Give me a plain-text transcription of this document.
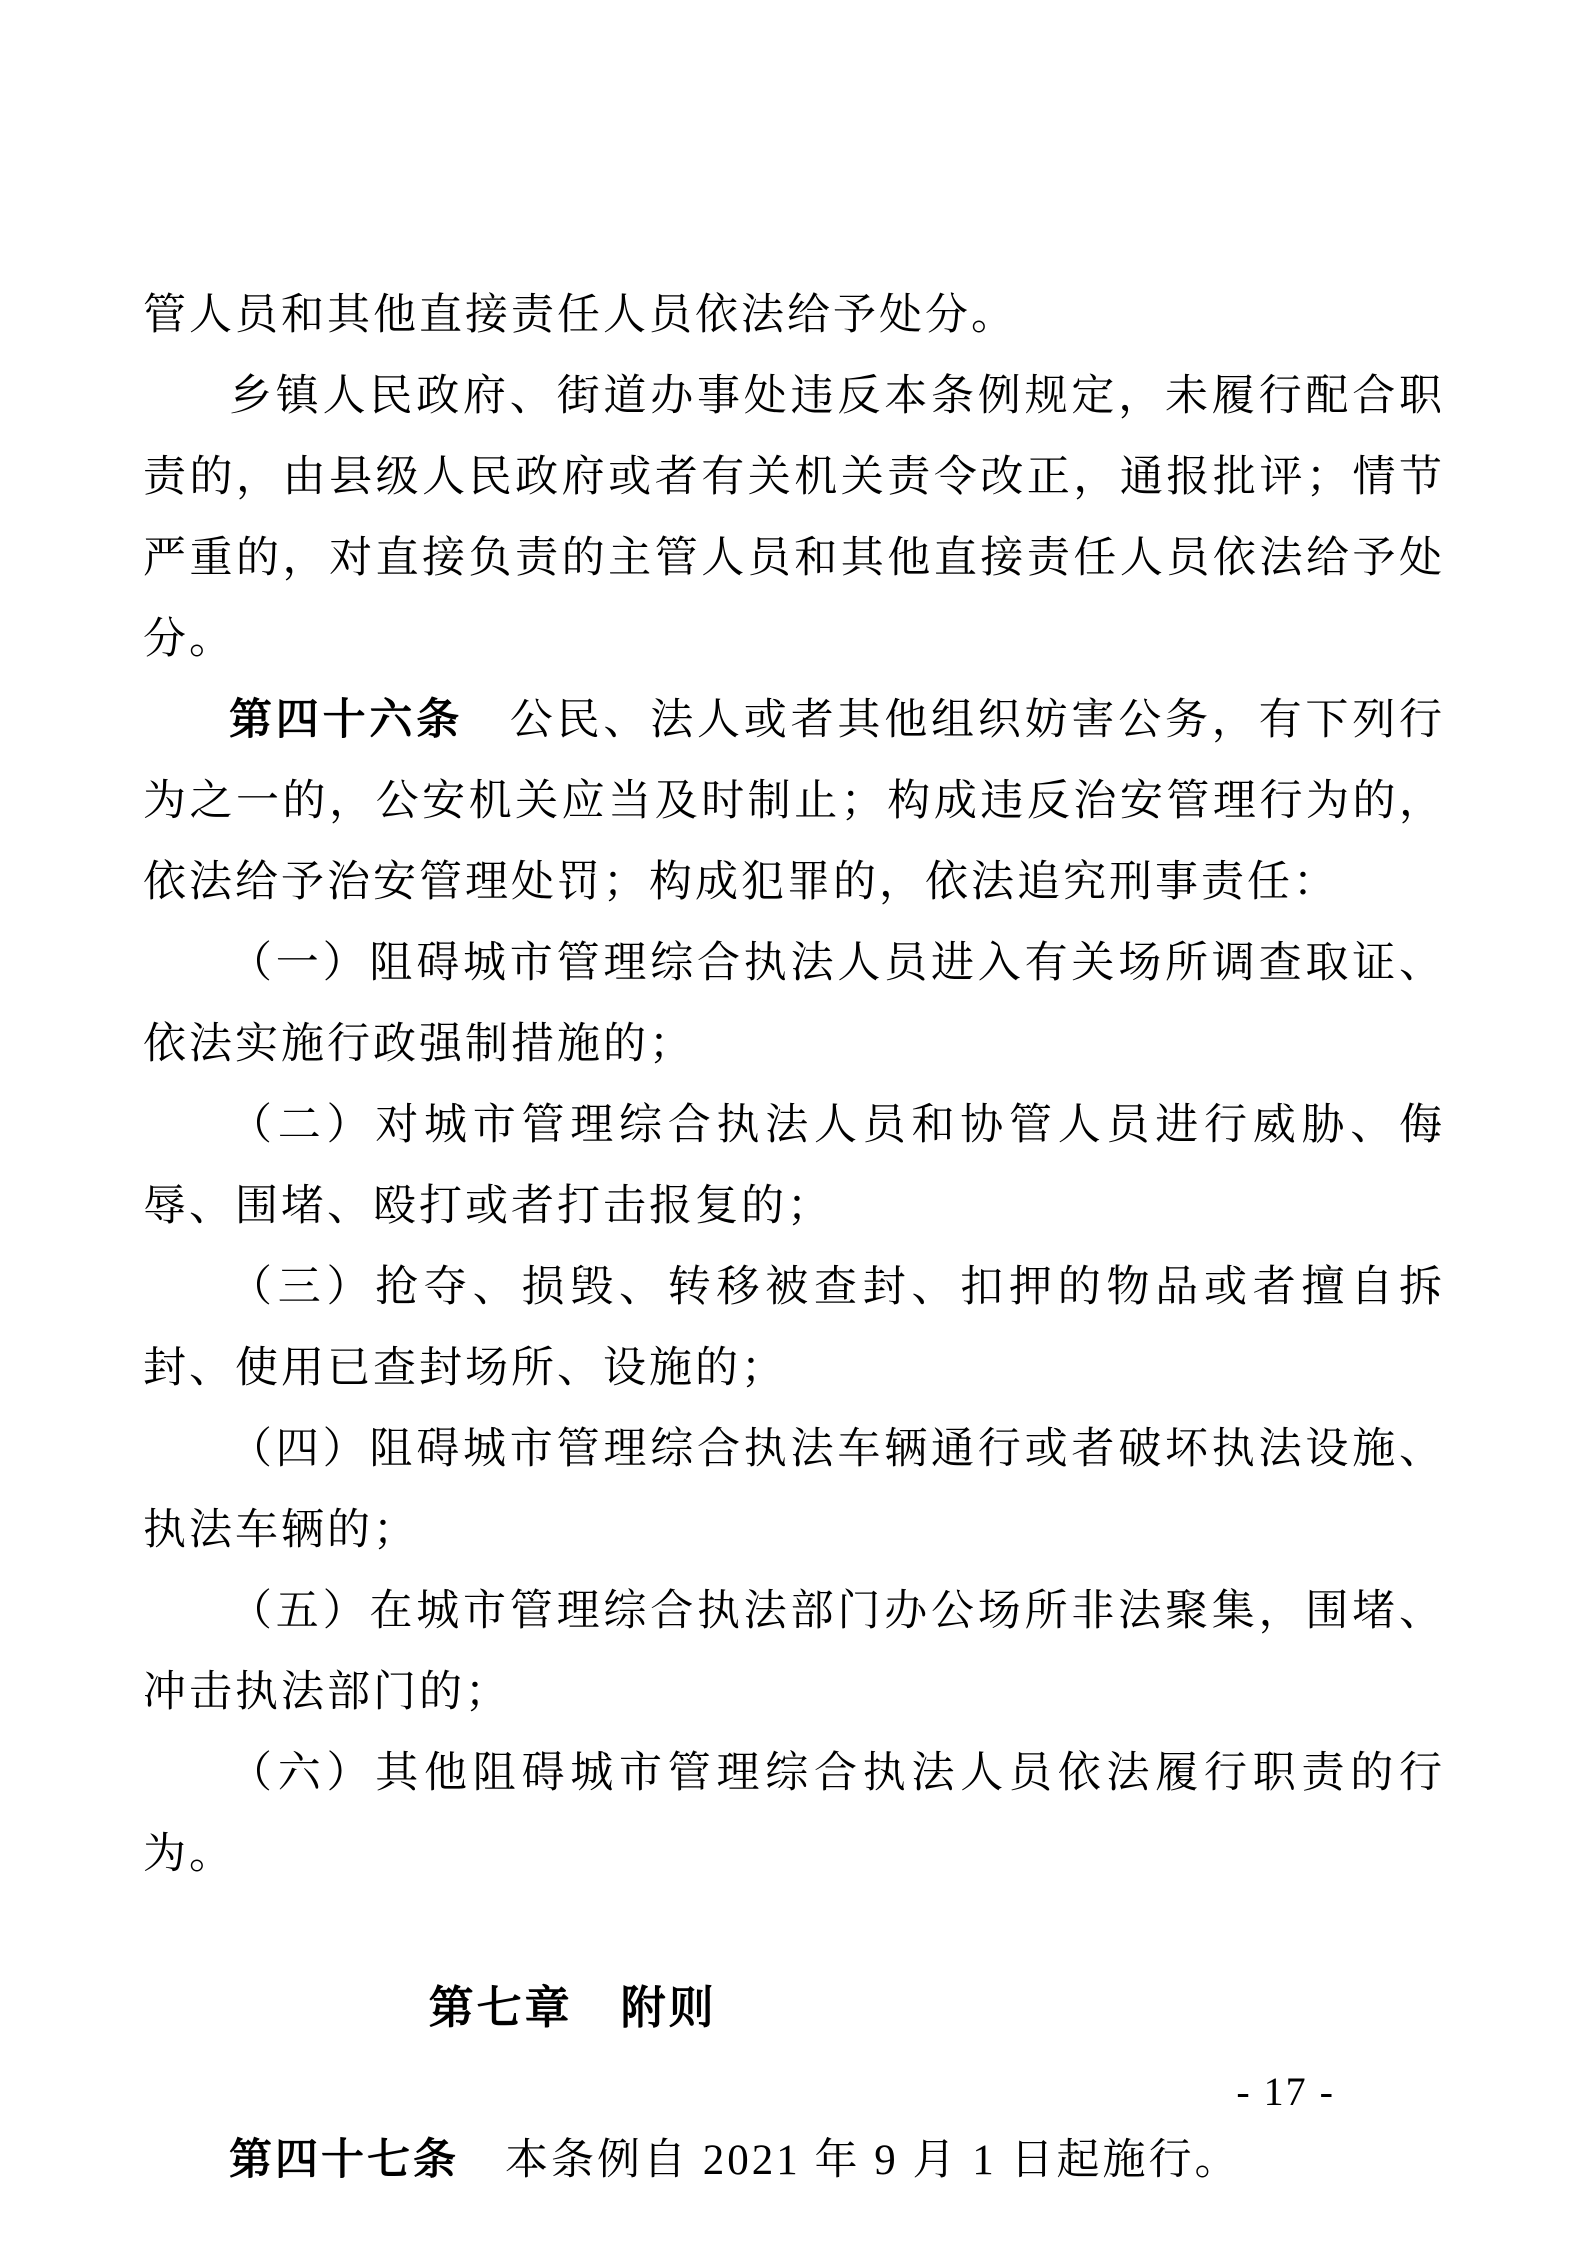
管人员和其他直接责任人员依法给予处分。

乡镇人民政府、街道办事处违反本条例规定，未履行配合职责的，由县级人民政府或者有关机关责令改正，通报批评；情节严重的，对直接负责的主管人员和其他直接责任人员依法给予处分。

第四十六条　公民、法人或者其他组织妨害公务，有下列行为之一的，公安机关应当及时制止；构成违反治安管理行为的，依法给予治安管理处罚；构成犯罪的，依法追究刑事责任：

（一）阻碍城市管理综合执法人员进入有关场所调查取证、依法实施行政强制措施的；

（二）对城市管理综合执法人员和协管人员进行威胁、侮辱、围堵、殴打或者打击报复的；

（三）抢夺、损毁、转移被查封、扣押的物品或者擅自拆封、使用已查封场所、设施的；

（四）阻碍城市管理综合执法车辆通行或者破坏执法设施、执法车辆的；

（五）在城市管理综合执法部门办公场所非法聚集，围堵、冲击执法部门的；

（六）其他阻碍城市管理综合执法人员依法履行职责的行为。

第七章　附则

第四十七条　本条例自 2021 年 9 月 1 日起施行。

- 17 -
